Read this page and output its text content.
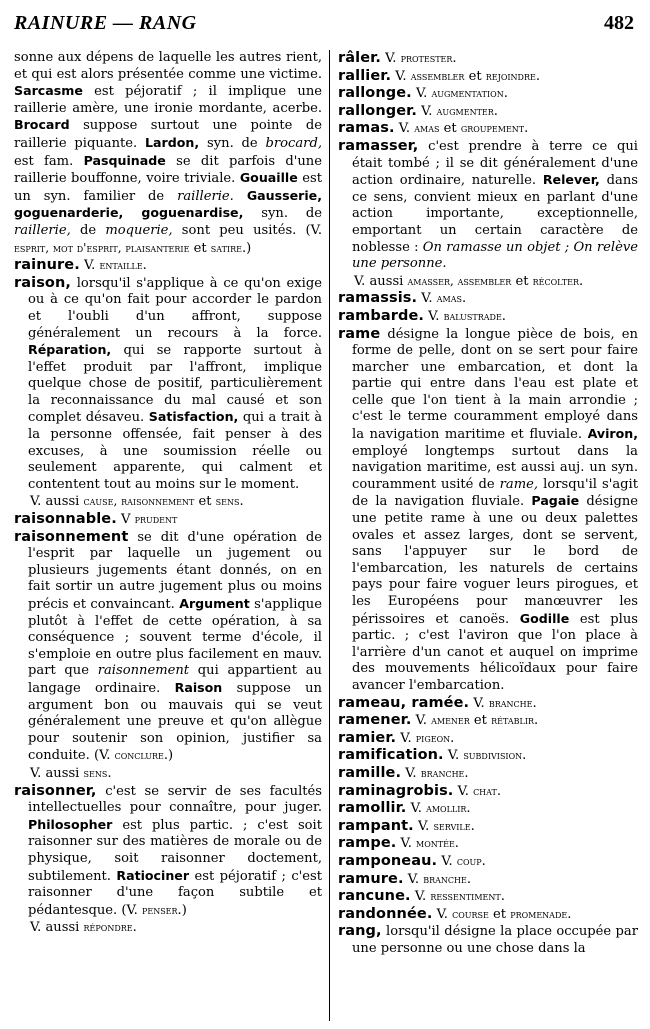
RAINURE — RANG	482

sonne aux dépens de laquelle les autres rient, et qui est alors présentée comme une victime. Sarcasme est péjoratif ; il implique une raillerie amère, une ironie mordante, acerbe. Brocard suppose surtout une pointe de raillerie piquante. Lardon, syn. de brocard, est fam. Pasquinade se dit parfois d'une raillerie bouffonne, voire triviale. Gouaille est un syn. familier de raillerie. Gausserie, goguenarderie, goguenardise, syn. de raillerie, de moquerie, sont peu usités. (V. esprit, mot d'esprit, plaisanterie et satire.)

rainure. V. entaille.

raison, lorsqu'il s'applique à ce qu'on exige ou à ce qu'on fait pour accorder le pardon et l'oubli d'un affront, suppose généralement un recours à la force. Réparation, qui se rapporte surtout à l'effet produit par l'affront, implique quelque chose de positif, particulièrement la reconnaissance du mal causé et son complet désaveu. Satisfaction, qui a trait à la personne offensée, fait penser à des excuses, à une soumission réelle ou seulement apparente, qui calment et contentent tout au moins sur le moment.

V. aussi cause, raisonnement et sens.

raisonnable. V prudent

raisonnement se dit d'une opération de l'esprit par laquelle un jugement ou plusieurs jugements étant donnés, on en fait sortir un autre jugement plus ou moins précis et convaincant. Argument s'applique plutôt à l'effet de cette opération, à sa conséquence ; souvent terme d'école, il s'emploie en outre plus facilement en mauv. part que raisonnement qui appartient au langage ordinaire. Raison suppose un argument bon ou mauvais qui se veut généralement une preuve et qu'on allègue pour soutenir son opinion, justifier sa conduite. (V. conclure.)

V. aussi sens.

raisonner, c'est se servir de ses facultés intellectuelles pour connaître, pour juger. Philosopher est plus partic. ; c'est soit raisonner sur des matières de morale ou de physique, soit raisonner doctement, subtilement. Ratiociner est péjoratif ; c'est raisonner d'une façon subtile et pédantesque. (V. penser.)

V. aussi répondre.

râler. V. protester.

rallier. V. assembler et rejoindre.

rallonge. V. augmentation.

rallonger. V. augmenter.

ramas. V. amas et groupement.

ramasser, c'est prendre à terre ce qui était tombé ; il se dit généralement d'une action ordinaire, naturelle. Relever, dans ce sens, convient mieux en parlant d'une action importante, exceptionnelle, emportant un certain caractère de noblesse : On ramasse un objet ; On relève une personne.

V. aussi amasser, assembler et récolter.

ramassis. V. amas.

rambarde. V. balustrade.

rame désigne la longue pièce de bois, en forme de pelle, dont on se sert pour faire marcher une embarcation, et dont la partie qui entre dans l'eau est plate et celle que l'on tient à la main arrondie ; c'est le terme couramment employé dans la navigation maritime et fluviale. Aviron, employé longtemps surtout dans la navigation maritime, est aussi auj. un syn. couramment usité de rame, lorsqu'il s'agit de la navigation fluviale. Pagaie désigne une petite rame à une ou deux palettes ovales et assez larges, dont se servent, sans l'appuyer sur le bord de l'embarcation, les naturels de certains pays pour faire voguer leurs pirogues, et les Européens pour manœuvrer les périssoires et canoës. Godille est plus partic. ; c'est l'aviron que l'on place à l'arrière d'un canot et auquel on imprime des mouvements hélicoïdaux pour faire avancer l'embarcation.

rameau, ramée. V. branche.

ramener. V. amener et rétablir.

ramier. V. pigeon.

ramification. V. subdivision.

ramille. V. branche.

raminagrobis. V. chat.

ramollir. V. amollir.

rampant. V. servile.

rampe. V. montée.

ramponeau. V. coup.

ramure. V. branche.

rancune. V. ressentiment.

randonnée. V. course et promenade.

rang, lorsqu'il désigne la place occupée par une personne ou une chose dans la
